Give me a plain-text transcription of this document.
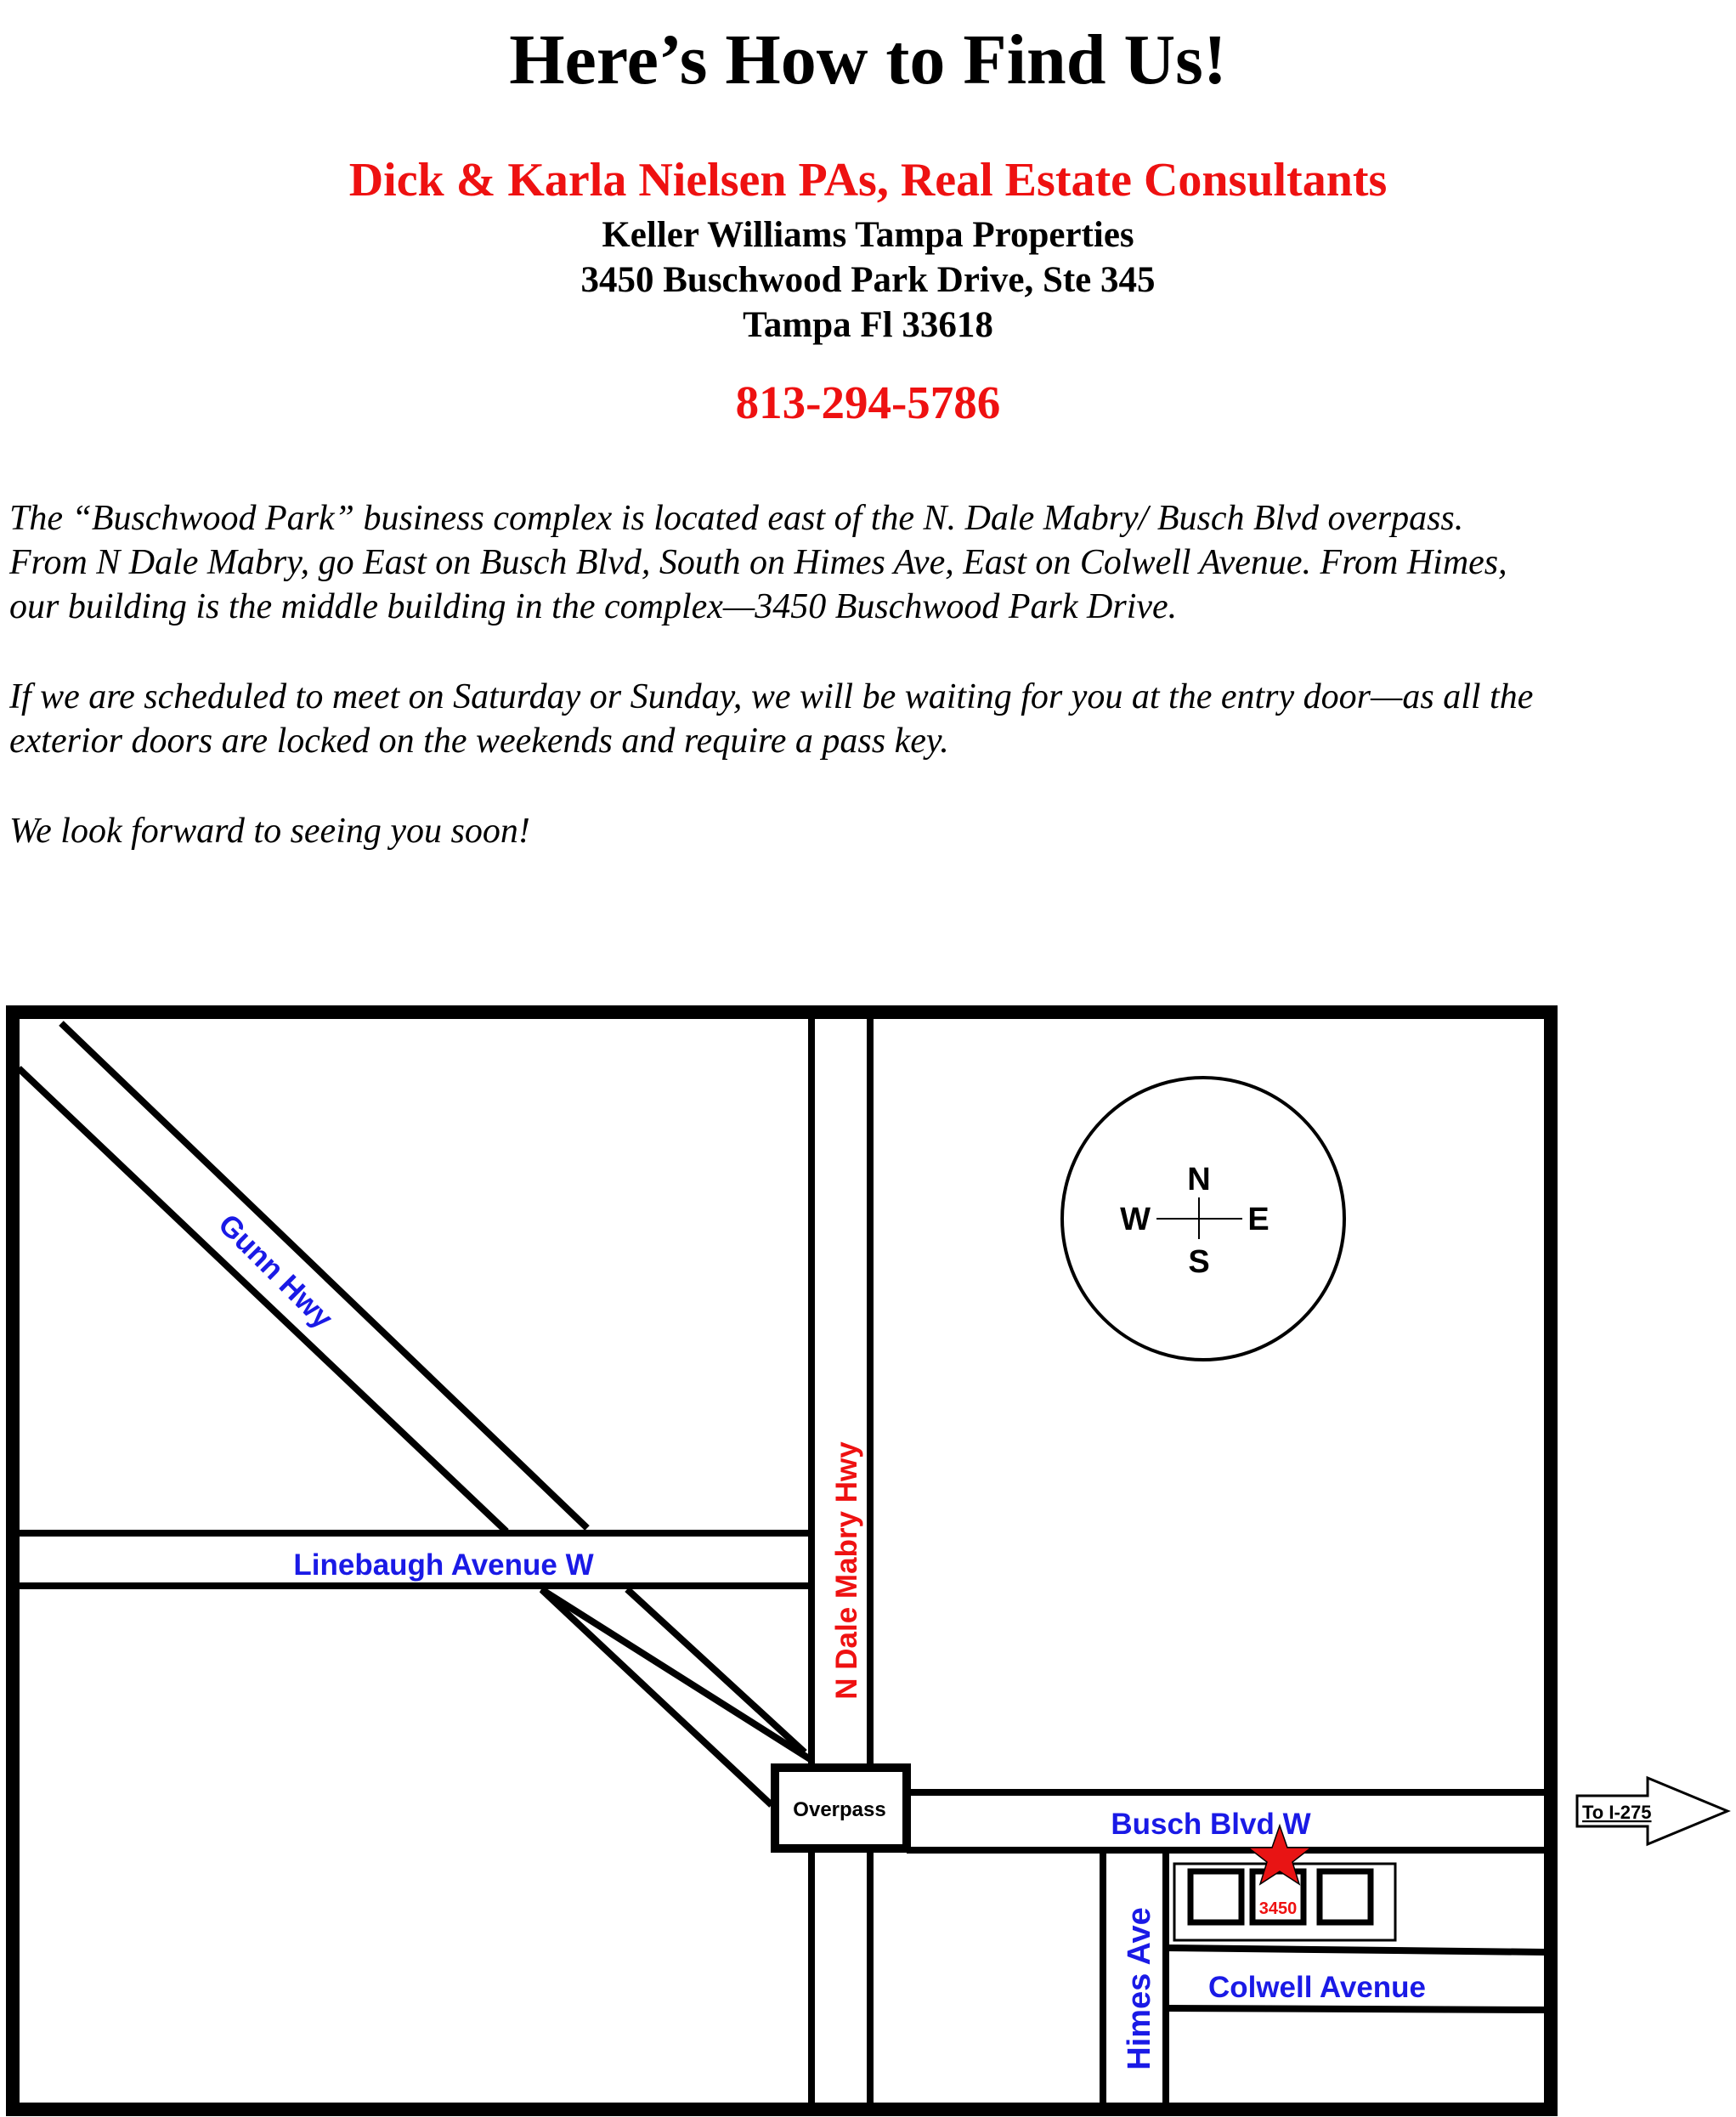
Here’s How to Find Us!
Dick & Karla Nielsen PAs, Real Estate Consultants
Keller Williams Tampa Properties
3450 Buschwood Park Drive, Ste 345
Tampa Fl 33618
813-294-5786
The “Buschwood Park” business complex is located east of the N. Dale Mabry/ Busch Blvd overpass.
From N Dale Mabry, go East on Busch Blvd, South on Himes Ave, East on Colwell Avenue. From Himes,
our building is the middle building in the complex—3450 Buschwood Park Drive.
If we are scheduled to meet on Saturday or Sunday, we will be waiting for you at the entry door—as all the
exterior doors are locked on the weekends and require a pass key.
We look forward to seeing you soon!
Overpass
3450
N
S
W	E
To I-275
Gunn Hwy
Linebaugh Avenue W	N Dale Mabry Hwy
Busch Blvd W
Himes Ave Colwell Avenue
